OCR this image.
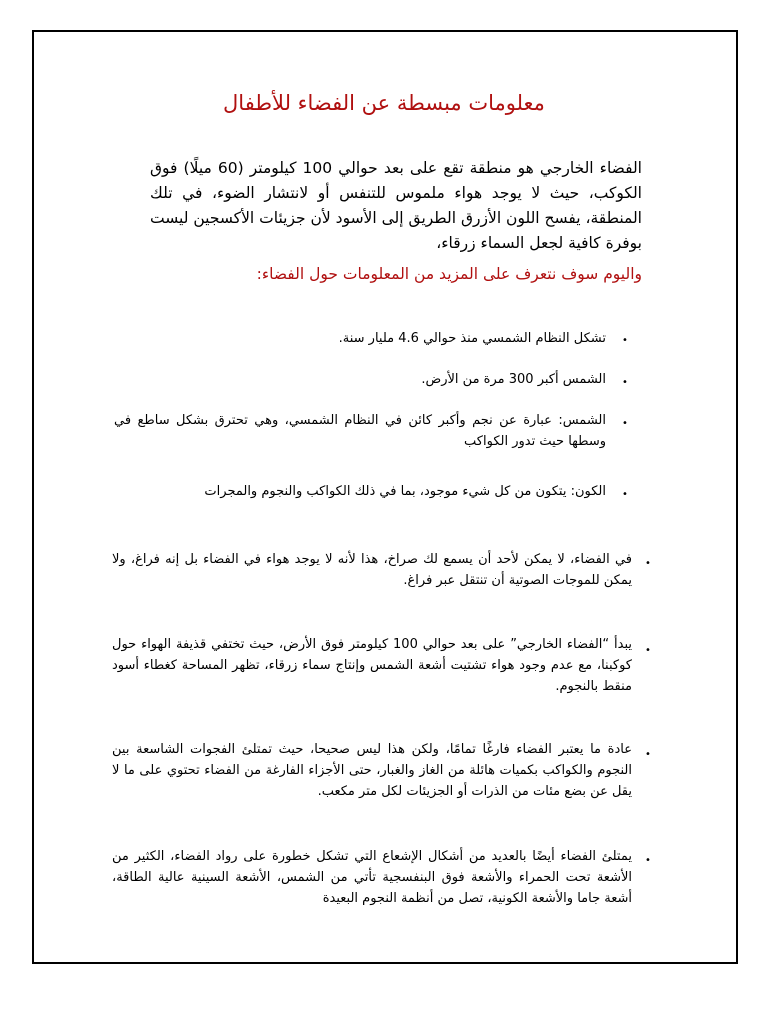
معلومات مبسطة عن الفضاء للأطفال
الفضاء الخارجي هو منطقة تقع على بعد حوالي 100 كيلومتر (60 ميلًا) فوق الكوكب، حيث لا يوجد هواء ملموس للتنفس أو لانتشار الضوء، في تلك المنطقة، يفسح اللون الأزرق الطريق إلى الأسود لأن جزيئات الأكسجين ليست بوفرة كافية لجعل السماء زرقاء،
واليوم سوف نتعرف على المزيد من المعلومات حول الفضاء:
•
تشكل النظام الشمسي منذ حوالي 4.6 مليار سنة.
•
الشمس أكبر 300 مرة من الأرض.
•
الشمس: عبارة عن نجم وأكبر كائن في النظام الشمسي، وهي تحترق بشكل ساطع في وسطها حيث تدور الكواكب
•
الكون: يتكون من كل شيء موجود، بما في ذلك الكواكب والنجوم والمجرات
•
في الفضاء، لا يمكن لأحد أن يسمع لك صراخ، هذا لأنه لا يوجد هواء في الفضاء بل إنه فراغ، ولا يمكن للموجات الصوتية أن تنتقل عبر فراغ.
•
يبدأ “الفضاء الخارجي” على بعد حوالي 100 كيلومتر فوق الأرض، حيث تختفي قذيفة الهواء حول كوكبنا، مع عدم وجود هواء تشتيت أشعة الشمس وإنتاج سماء زرقاء، تظهر المساحة كغطاء أسود منقط بالنجوم.
•
عادة ما يعتبر الفضاء فارغًا تمامًا، ولكن هذا ليس صحيحا، حيث تمتلئ الفجوات الشاسعة بين النجوم والكواكب بكميات هائلة من الغاز والغبار، حتى الأجزاء الفارغة من الفضاء تحتوي على ما لا يقل عن بضع مئات من الذرات أو الجزيئات لكل متر مكعب.
•
يمتلئ الفضاء أيضًا بالعديد من أشكال الإشعاع التي تشكل خطورة على رواد الفضاء، الكثير من الأشعة تحت الحمراء والأشعة فوق البنفسجية تأتي من الشمس، الأشعة السينية عالية الطاقة، أشعة جاما والأشعة الكونية، تصل من أنظمة النجوم البعيدة
